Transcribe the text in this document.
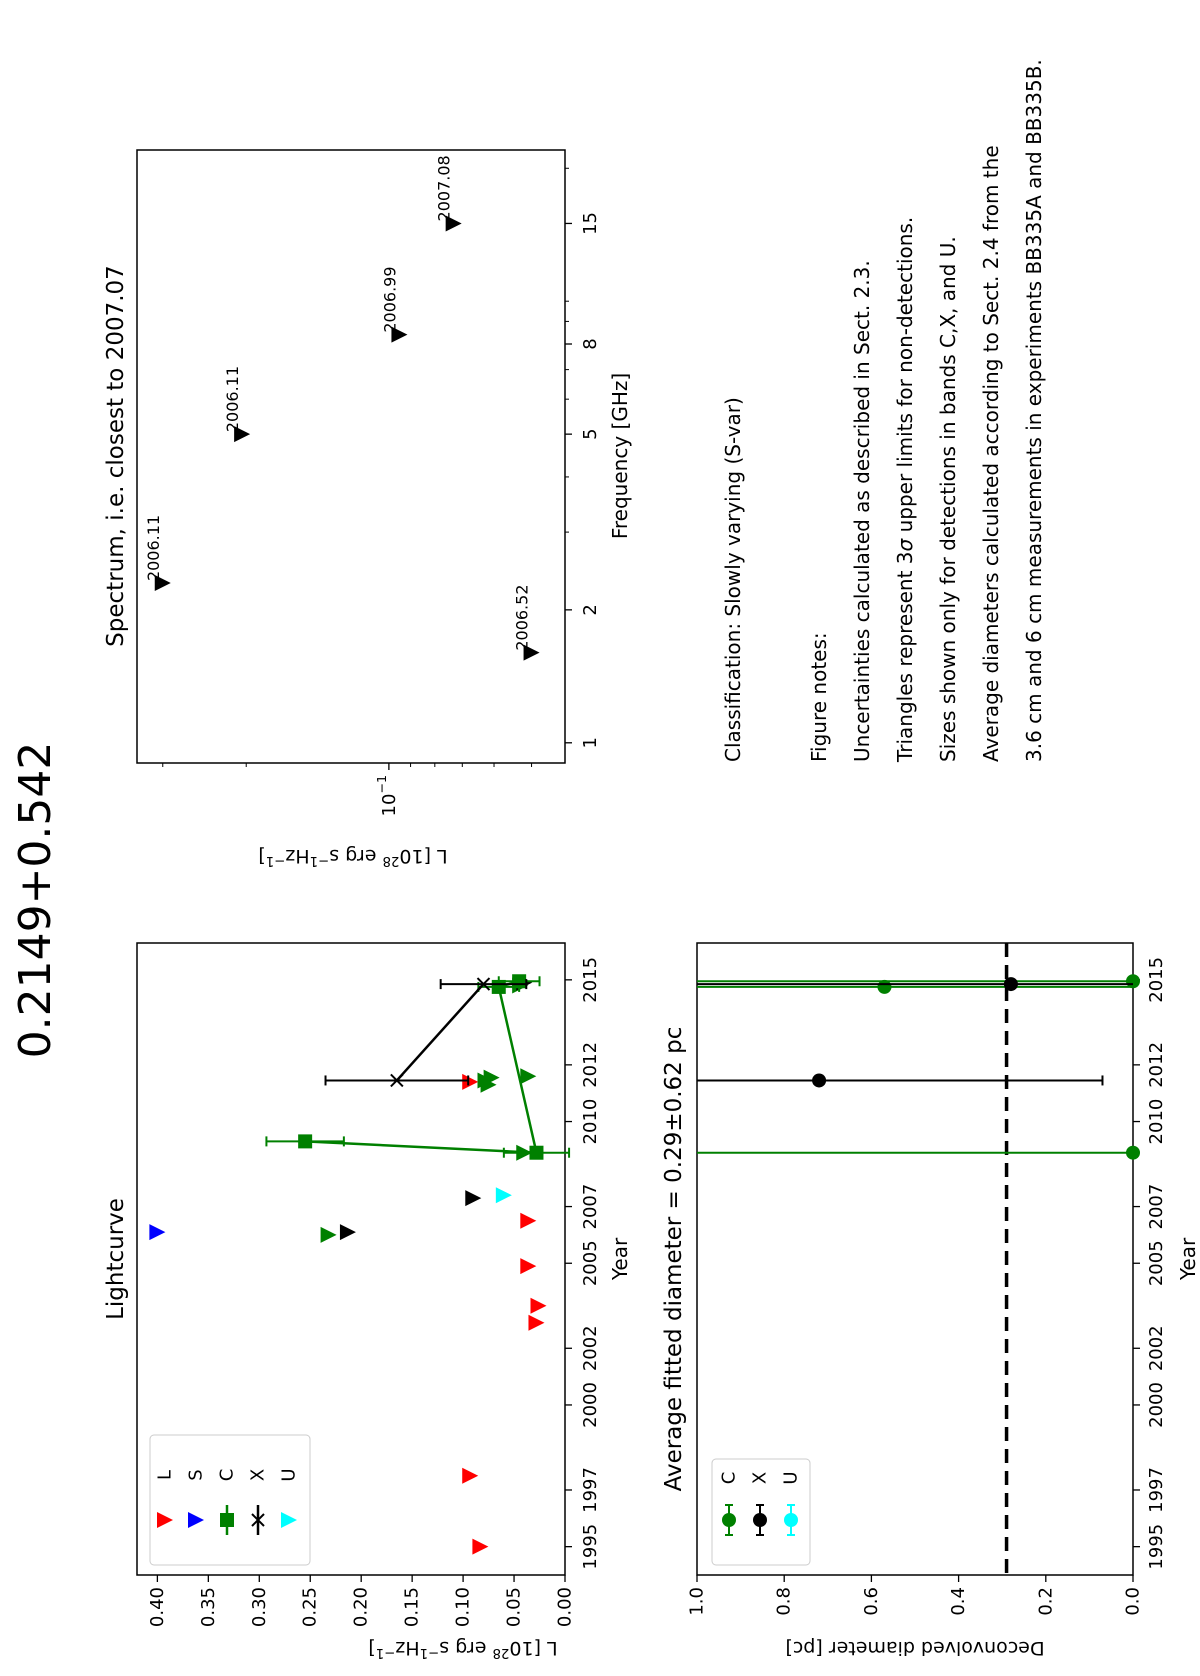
0.2149+0.542
1995
1997
2000
2002
2005
2007
2010
2012
2015
0.00
0.05
0.10
0.15
0.20
0.25
0.30
0.35
0.40
L S C X U
Lightcurve	Year
L [$10^{28}$ erg $s^{-1}Hz^{-1}$]
1
2
5
8
15
$10^{-1}$
2006.52
2006.11
2006.11
2006.99
2007.08
Spectrum, i.e. closest to 2007.07	Frequency [GHz]
L [$10^{28}$ erg $s^{-1}Hz^{-1}$]
1995
1997
2000
2002
2005
2007
2010
2012
2015
0.0
0.2
0.4
0.6
0.8
1.0
C X U
Average fitted diameter = 0.29±0.62 pc	Year
Deconvolved diameter [pc]
Classification: Slowly varying (S-var)	Figure notes: Uncertainties calculated as described in Sect. 2.3. Triangles represent 3σ upper limits for non-detections. Sizes shown only for detections in bands C,X, and U. Average diameters calculated according to Sect. 2.4 from the 3.6 cm and 6 cm measurements in experiments BB335A and BB335B.
